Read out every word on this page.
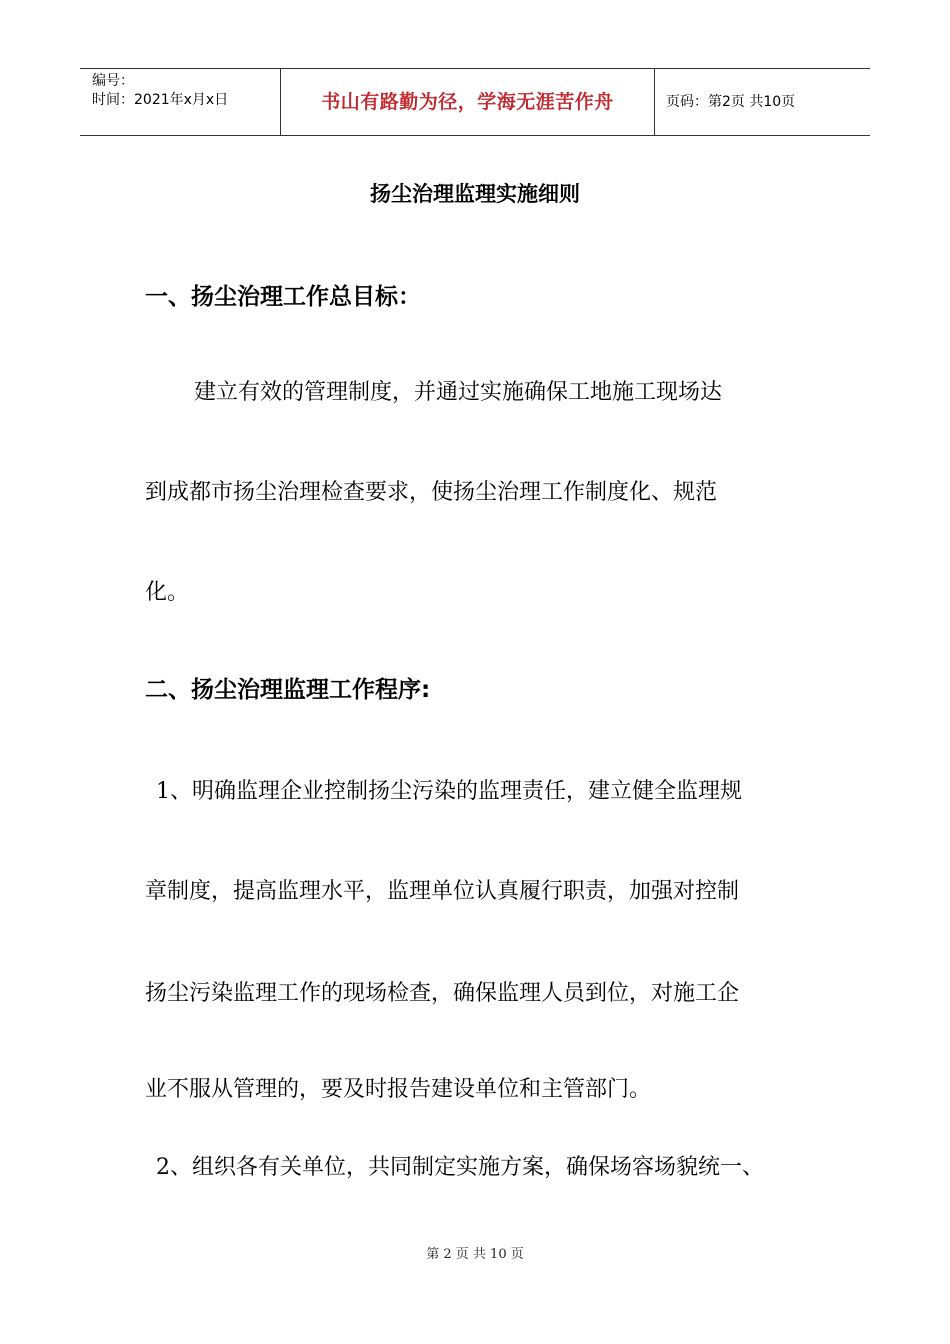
编号：
时间：2021年x月x日	书山有路勤为径，学海无涯苦作舟	页码：第2页 共10页
扬尘治理监理实施细则
一、扬尘治理工作总目标：
建立有效的管理制度，并通过实施确保工地施工现场达
到成都市扬尘治理检查要求，使扬尘治理工作制度化、规范
化。
二、扬尘治理监理工作程序:
1、明确监理企业控制扬尘污染的监理责任，建立健全监理规
章制度，提高监理水平，监理单位认真履行职责，加强对控制
扬尘污染监理工作的现场检查，确保监理人员到位，对施工企
业不服从管理的，要及时报告建设单位和主管部门。
2、组织各有关单位，共同制定实施方案，确保场容场貌统一、
第 2 页 共 10 页
